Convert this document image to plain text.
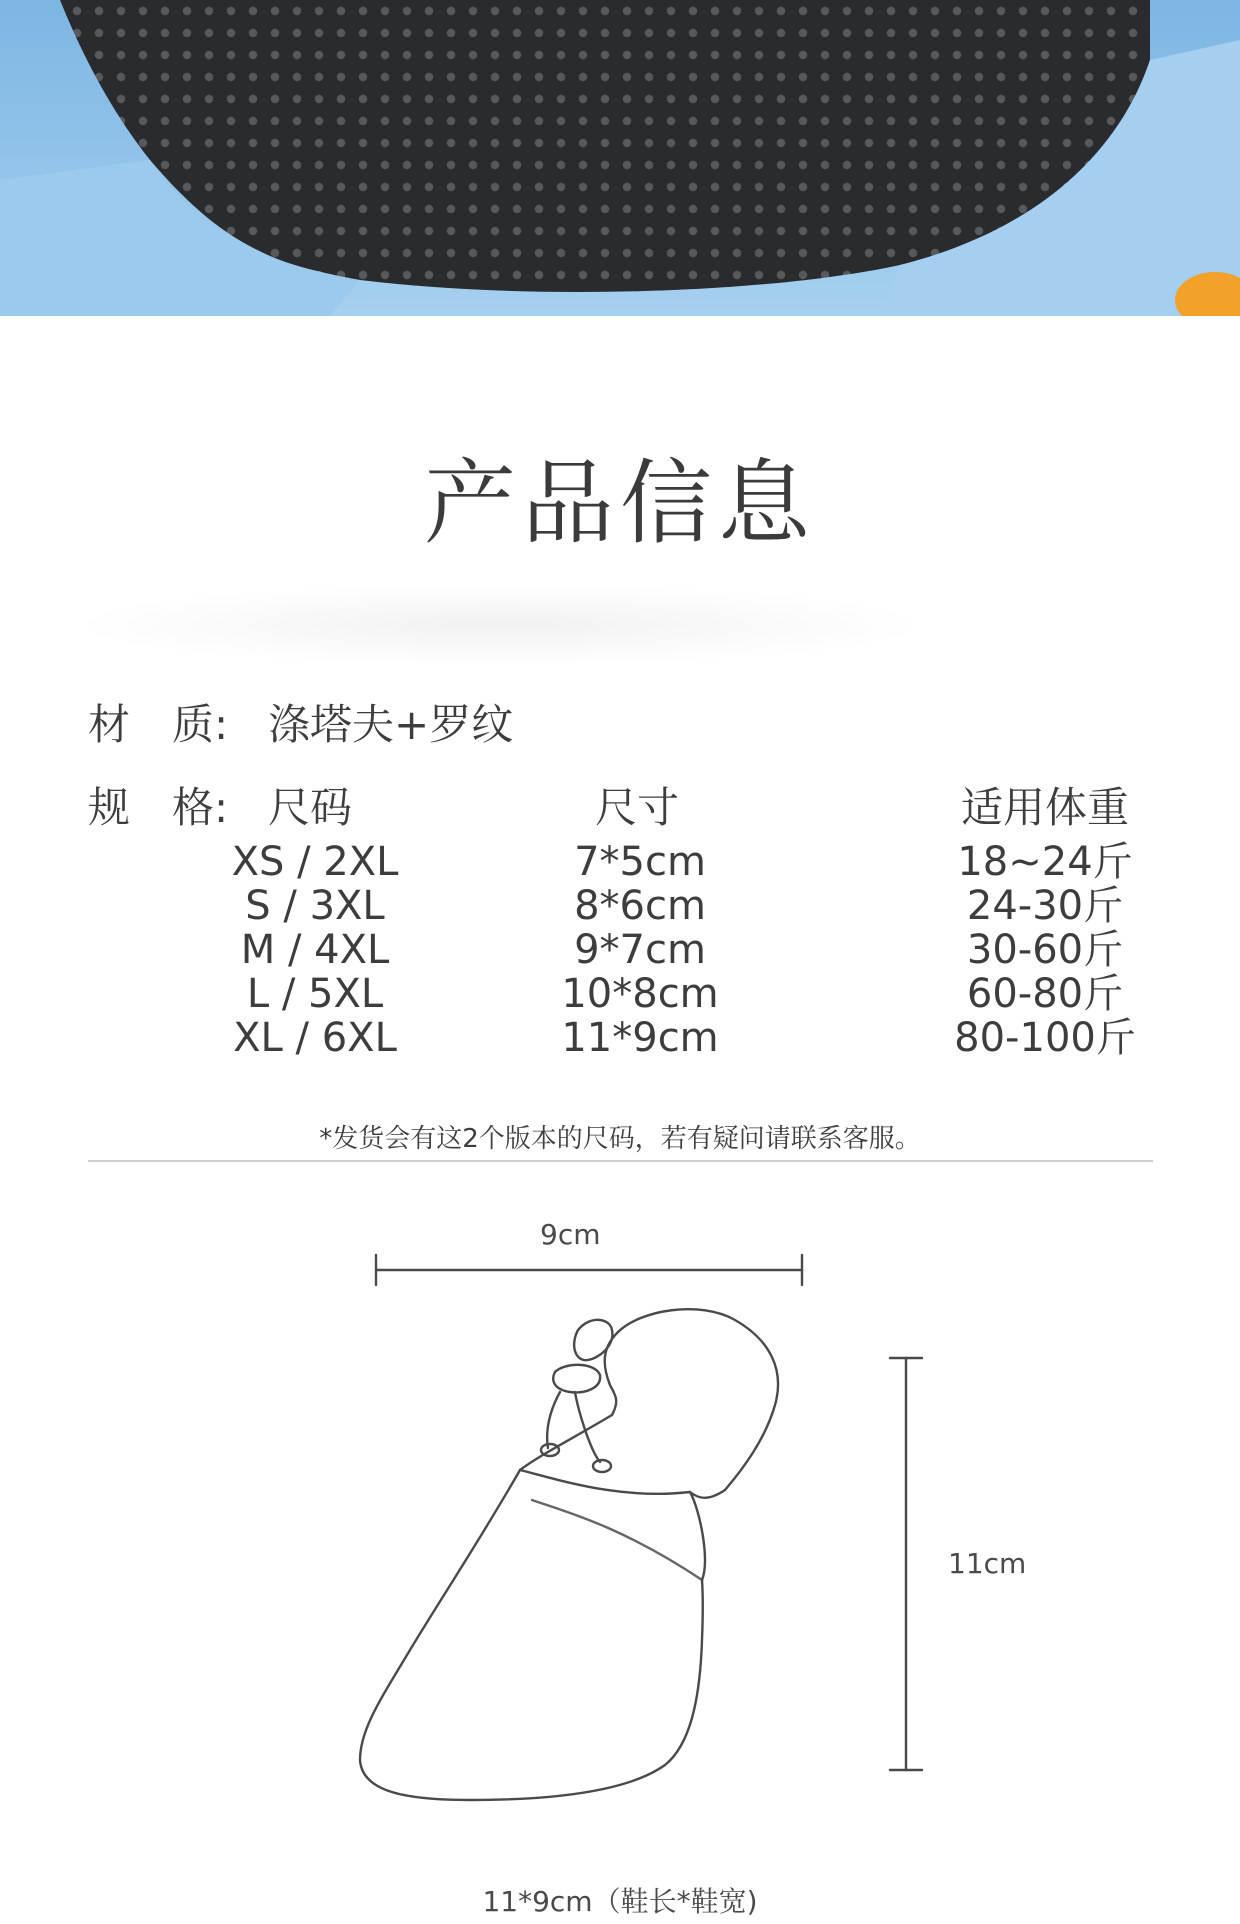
产品信息
材　质: 涤塔夫+罗纹
规　格: 尺码	尺寸	适用体重
XS / 2XL	7*5cm	18~24斤
S / 3XL	8*6cm	24-30斤
M / 4XL	9*7cm	30-60斤
L / 5XL	10*8cm	60-80斤
XL / 6XL	11*9cm	80-100斤
*发货会有这2个版本的尺码，若有疑问请联系客服。
9cm
11cm
11*9cm（鞋长*鞋宽)
